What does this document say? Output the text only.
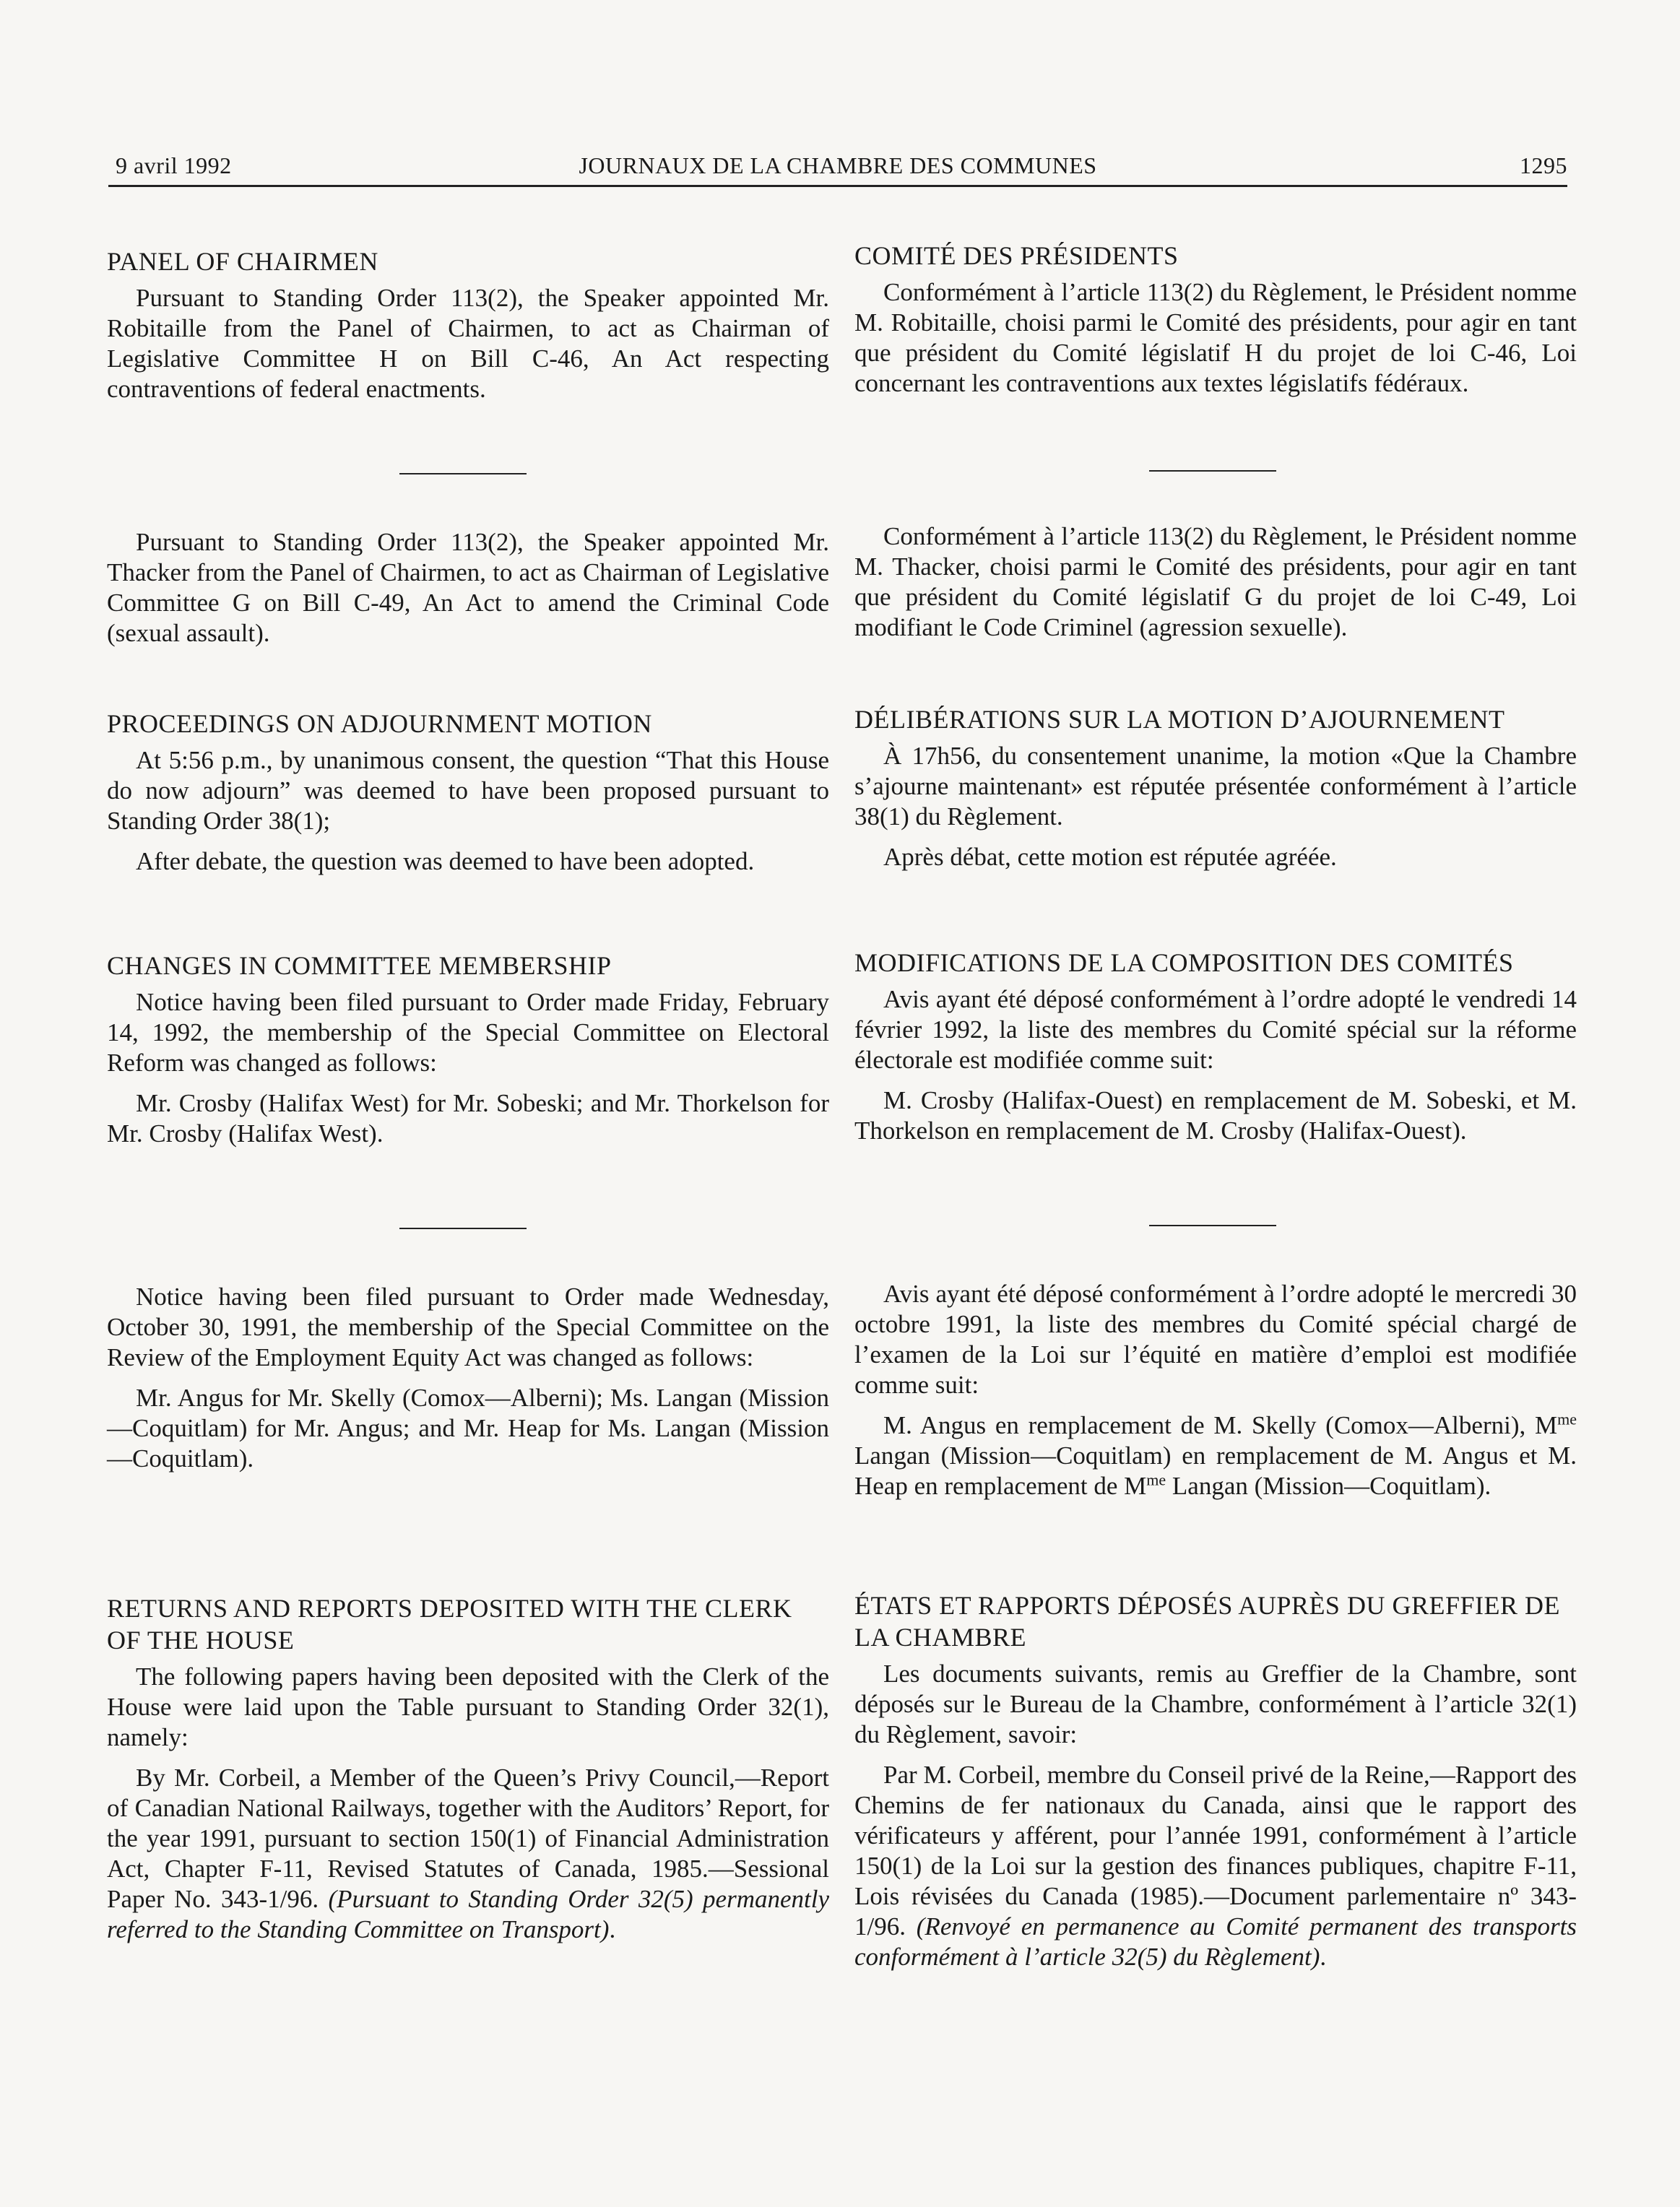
9 avril 1992	JOURNAUX DE LA CHAMBRE DES COMMUNES	1295
PANEL OF CHAIRMEN

Pursuant to Standing Order 113(2), the Speaker appointed Mr. Robitaille from the Panel of Chairmen, to act as Chairman of Legislative Committee H on Bill C-46, An Act respecting contraventions of federal enactments.

Pursuant to Standing Order 113(2), the Speaker appointed Mr. Thacker from the Panel of Chairmen, to act as Chairman of Legislative Committee G on Bill C-49, An Act to amend the Criminal Code (sexual assault).

PROCEEDINGS ON ADJOURNMENT MOTION

At 5:56 p.m., by unanimous consent, the question “That this House do now adjourn” was deemed to have been proposed pursuant to Standing Order 38(1);

After debate, the question was deemed to have been adopted.

CHANGES IN COMMITTEE MEMBERSHIP

Notice having been filed pursuant to Order made Friday, February 14, 1992, the membership of the Special Committee on Electoral Reform was changed as follows:

Mr. Crosby (Halifax West) for Mr. Sobeski; and Mr. Thorkelson for Mr. Crosby (Halifax West).

Notice having been filed pursuant to Order made Wednesday, October 30, 1991, the membership of the Special Committee on the Review of the Employment Equity Act was changed as follows:

Mr. Angus for Mr. Skelly (Comox—Alberni); Ms. Langan (Mission—Coquitlam) for Mr. Angus; and Mr. Heap for Ms. Langan (Mission—Coquitlam).

RETURNS AND REPORTS DEPOSITED WITH THE CLERK OF THE HOUSE

The following papers having been deposited with the Clerk of the House were laid upon the Table pursuant to Standing Order 32(1), namely:

By Mr. Corbeil, a Member of the Queen’s Privy Council,—Report of Canadian National Railways, together with the Auditors’ Report, for the year 1991, pursuant to section 150(1) of Financial Administration Act, Chapter F-11, Revised Statutes of Canada, 1985.—Sessional Paper No. 343-1/96. (Pursuant to Standing Order 32(5) permanently referred to the Standing Committee on Transport).

COMITÉ DES PRÉSIDENTS

Conformément à l’article 113(2) du Règlement, le Président nomme M. Robitaille, choisi parmi le Comité des présidents, pour agir en tant que président du Comité législatif H du projet de loi C-46, Loi concernant les contraventions aux textes législatifs fédéraux.

Conformément à l’article 113(2) du Règlement, le Président nomme M. Thacker, choisi parmi le Comité des présidents, pour agir en tant que président du Comité législatif G du projet de loi C-49, Loi modifiant le Code Criminel (agression sexuelle).

DÉLIBÉRATIONS SUR LA MOTION D’AJOURNEMENT

À 17h56, du consentement unanime, la motion «Que la Chambre s’ajourne maintenant» est réputée présentée conformément à l’article 38(1) du Règlement.

Après débat, cette motion est réputée agréée.

MODIFICATIONS DE LA COMPOSITION DES COMITÉS

Avis ayant été déposé conformément à l’ordre adopté le vendredi 14 février 1992, la liste des membres du Comité spécial sur la réforme électorale est modifiée comme suit:

M. Crosby (Halifax-Ouest) en remplacement de M. Sobeski, et M. Thorkelson en remplacement de M. Crosby (Halifax-Ouest).

Avis ayant été déposé conformément à l’ordre adopté le mercredi 30 octobre 1991, la liste des membres du Comité spécial chargé de l’examen de la Loi sur l’équité en matière d’emploi est modifiée comme suit:

M. Angus en remplacement de M. Skelly (Comox—Alberni), $M^{me}$ Langan (Mission—Coquitlam) en remplacement de M. Angus et M. Heap en remplacement de $M^{me}$ Langan (Mission—Coquitlam).

ÉTATS ET RAPPORTS DÉPOSÉS AUPRÈS DU GREFFIER DE LA CHAMBRE

Les documents suivants, remis au Greffier de la Chambre, sont déposés sur le Bureau de la Chambre, conformément à l’article 32(1) du Règlement, savoir:

Par M. Corbeil, membre du Conseil privé de la Reine,—Rapport des Chemins de fer nationaux du Canada, ainsi que le rapport des vérificateurs y afférent, pour l’année 1991, conformément à l’article 150(1) de la Loi sur la gestion des finances publiques, chapitre F-11, Lois révisées du Canada (1985).—Document parlementaire nº 343-1/96. (Renvoyé en permanence au Comité permanent des transports conformément à l’article 32(5) du Règlement).
